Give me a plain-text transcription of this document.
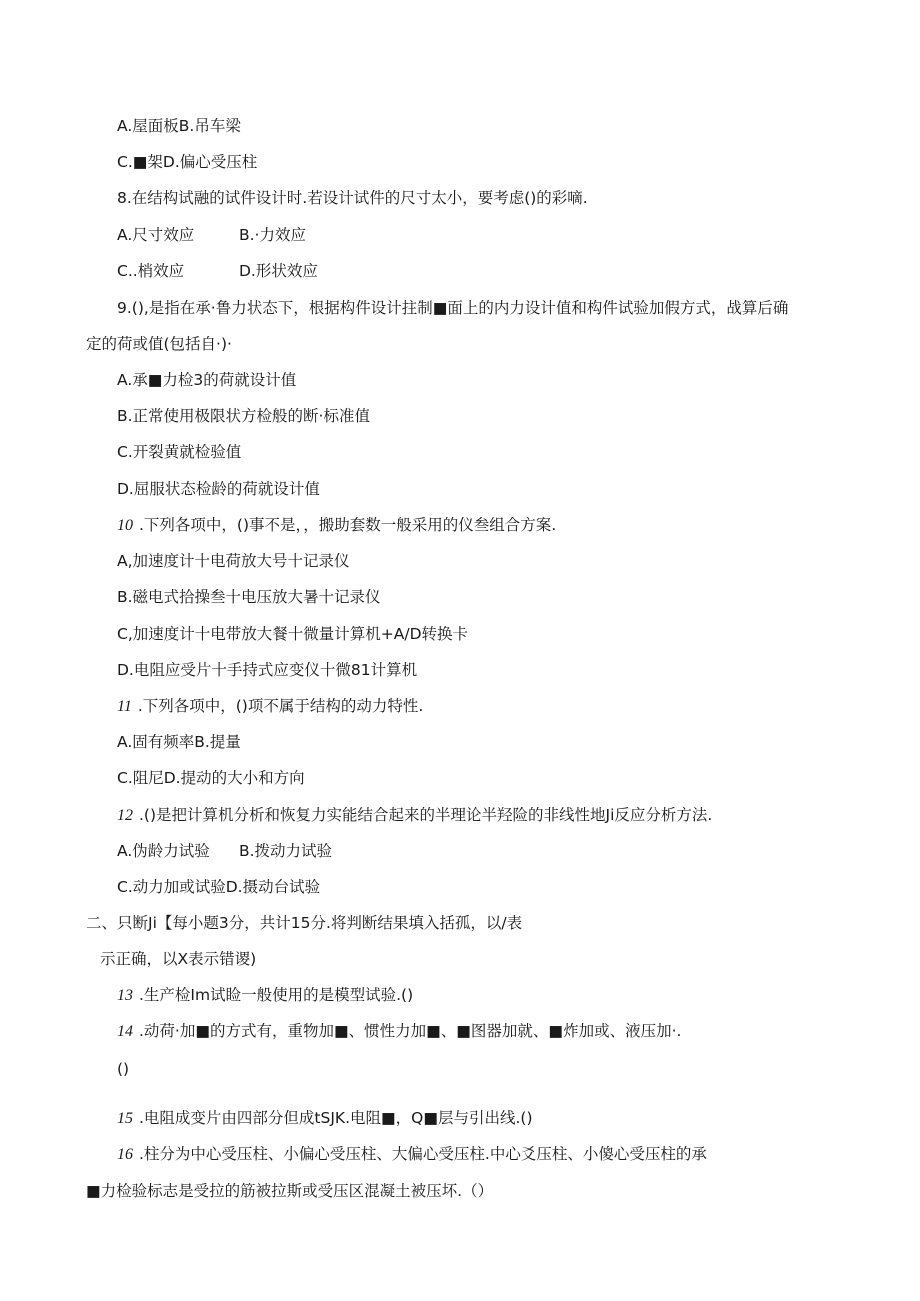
A.屋面板B.吊车梁
C.■架D.偏心受压柱
8.在结构试融的试件设计时.若设计试件的尺寸太小，要考虑()的彩嘀.
A.尺寸效应	B.·力效应
C..梢效应	D.形状效应
9.(),是指在承·鲁力状态下，根据构件设计拄制■面上的内力设计值和构件试验加假方式，战算后确
定的荷或值(包括自·)·
A.承■力检3的荷就设计值
B.正常使用极限状方检般的断·标准值
C.开裂黄就检验值
D.屈服状态检龄的荷就设计值
10 .下列各项中，()事不是，，搬助套数一般采用的仪叁组合方案.
A,加速度计十电荷放大号十记录仪
B.磁电式拾操叁十电压放大暑十记录仪
C,加速度计十电带放大餐十微量计算机+A/D转换卡
D.电阻应受片十手持式应变仪十微81计算机
11 .下列各项中，()项不属于结构的动力特性.
A.固有频率B.提量
C.阻尼D.提动的大小和方向
12 .()是把计算机分析和恢复力实能结合起来的半理论半羟险的非线性地Ji反应分析方法.
A.伪龄力试验 B.拨动力试验
C.动力加或试验D.摄动台试验
二、只断Ji【每小题3分，共计15分.将判断结果填入括孤，以/表
示正确，以X表示错谡)
13 .生产检Im试睑一般使用的是模型试验.()
14 .动荷·加■的方式有，重物加■、惯性力加■、■图器加就、■炸加或、液压加·.
()
15 .电阻成变片由四部分但成tSJK.电阻■，Q■层与引出线.()
16 .柱分为中心受压柱、小偏心受压柱、大偏心受压柱.中心爻压柱、小傻心受压柱的承
■力检验标志是受拉的筋被拉斯或受压区混凝土被压坏.（）
